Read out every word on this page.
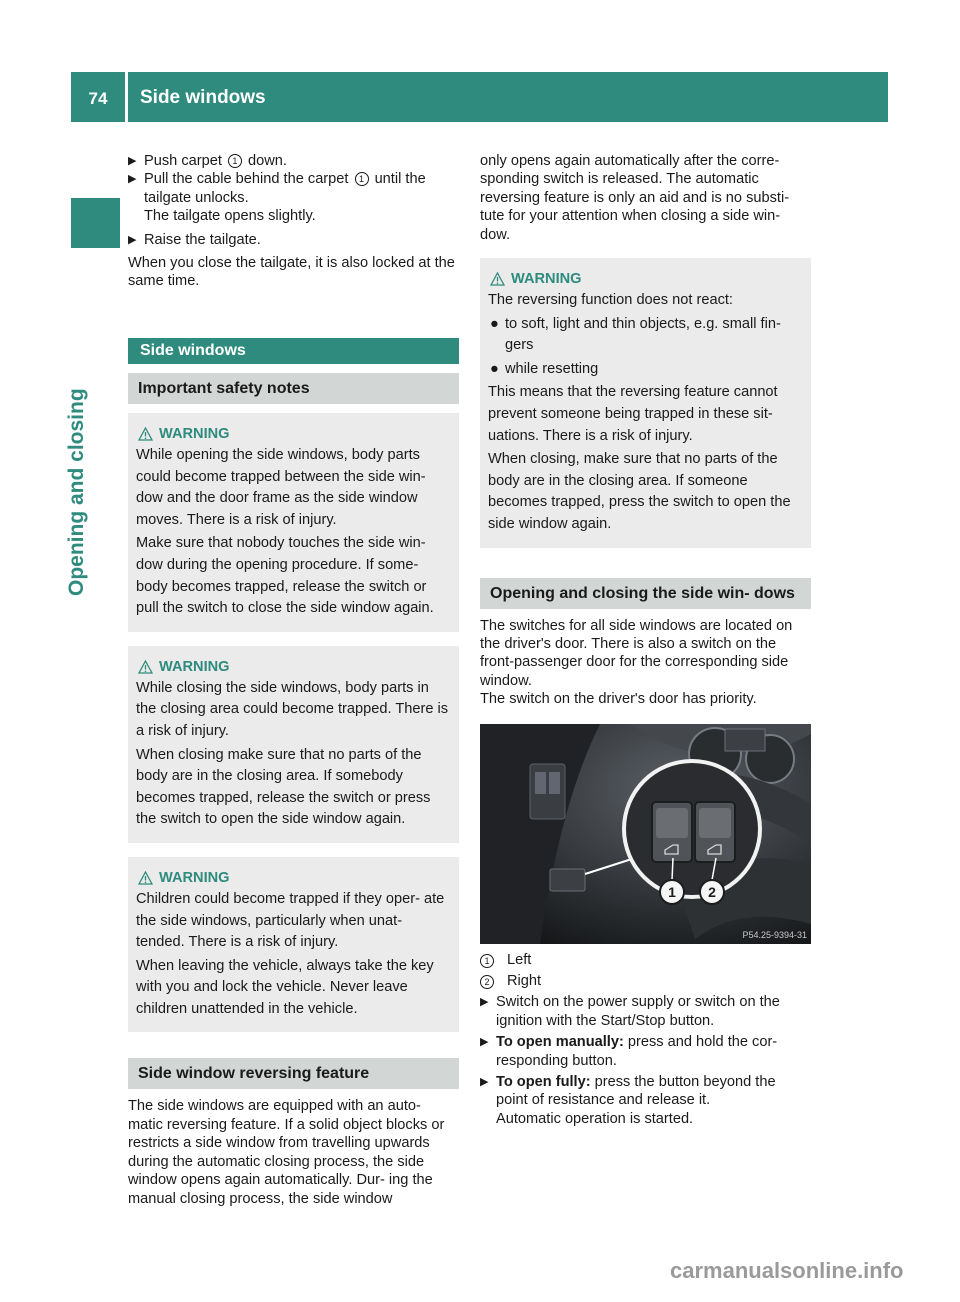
74	Side windows
Opening and closing

▶ Push carpet 1 down.

▶ Pull the cable behind the carpet 1 until the tailgate unlocks.

The tailgate opens slightly.

▶ Raise the tailgate.

When you close the tailgate, it is also locked at the same time.

Side windows
Important safety notes
WARNING

While opening the side windows, body parts could become trapped between the side win- dow and the door frame as the side window moves. There is a risk of injury.

Make sure that nobody touches the side win- dow during the opening procedure. If some- body becomes trapped, release the switch or pull the switch to close the side window again.

WARNING

While closing the side windows, body parts in the closing area could become trapped. There is a risk of injury.

When closing make sure that no parts of the body are in the closing area. If somebody becomes trapped, release the switch or press the switch to open the side window again.

WARNING

Children could become trapped if they oper- ate the side windows, particularly when unat- tended. There is a risk of injury.

When leaving the vehicle, always take the key with you and lock the vehicle. Never leave children unattended in the vehicle.

Side window reversing feature

The side windows are equipped with an auto- matic reversing feature. If a solid object blocks or restricts a side window from travelling upwards during the automatic closing process, the side window opens again automatically. Dur- ing the manual closing process, the side window

only opens again automatically after the corre- sponding switch is released. The automatic reversing feature is only an aid and is no substi- tute for your attention when closing a side win- dow.

WARNING

The reversing function does not react:

● to soft, light and thin objects, e.g. small fin- gers

● while resetting

This means that the reversing feature cannot prevent someone being trapped in these sit- uations. There is a risk of injury.

When closing, make sure that no parts of the body are in the closing area. If someone becomes trapped, press the switch to open the side window again.

Opening and closing the side win- dows

The switches for all side windows are located on the driver's door. There is also a switch on the front-passenger door for the corresponding side window.

The switch on the driver's door has priority.

1 2
P54.25-9394-31

1	Left

2	Right

▶ Switch on the power supply or switch on the ignition with the Start/Stop button.

▶ To open manually: press and hold the cor- responding button.

▶ To open fully: press the button beyond the point of resistance and release it.

Automatic operation is started.

carmanualsonline.info
